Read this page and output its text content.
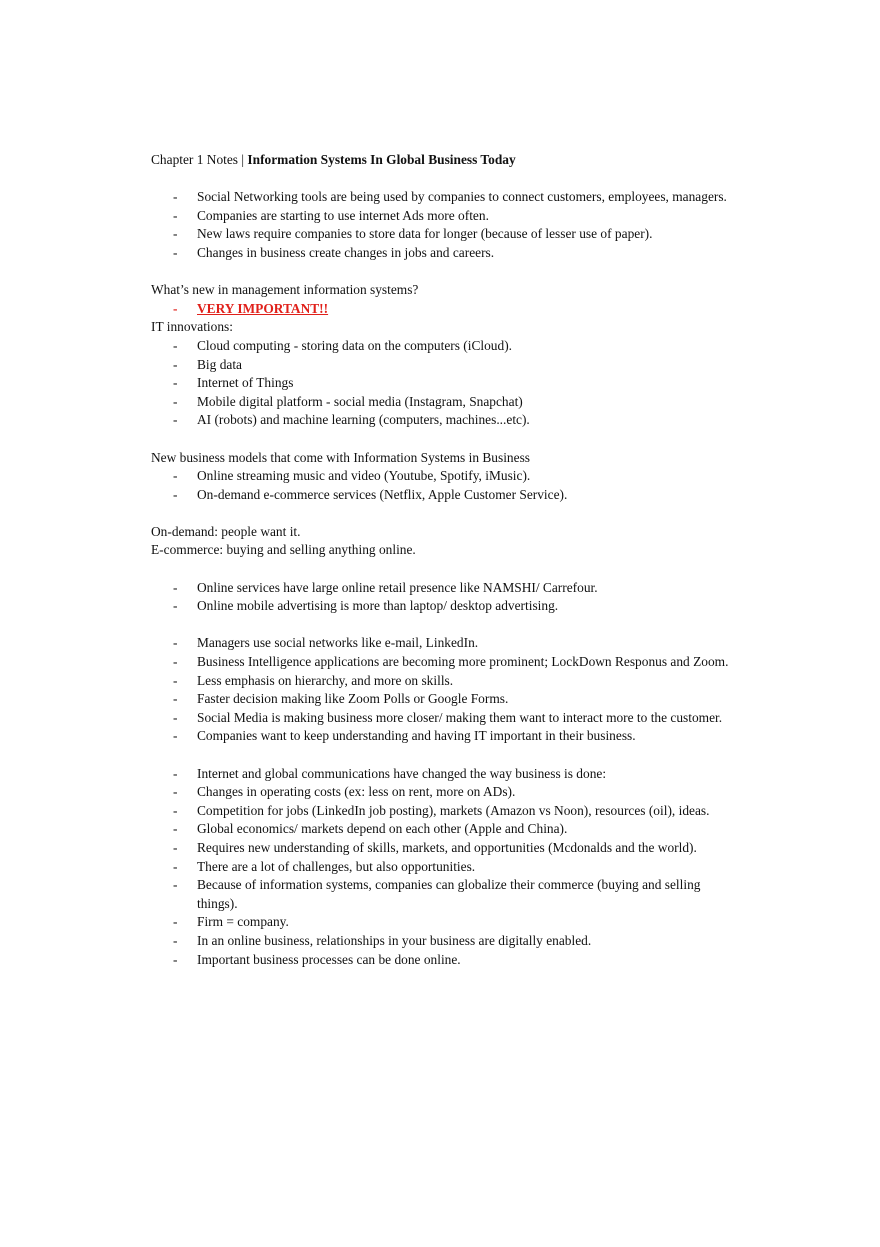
Chapter 1 Notes | Information Systems In Global Business Today

- Social Networking tools are being used by companies to connect customers, employees, managers.
- Companies are starting to use internet Ads more often.
- New laws require companies to store data for longer (because of lesser use of paper).
- Changes in business create changes in jobs and careers.

What’s new in management information systems?

- VERY IMPORTANT!!

IT innovations:

- Cloud computing - storing data on the computers (iCloud).
- Big data
- Internet of Things
- Mobile digital platform - social media (Instagram, Snapchat)
- AI (robots) and machine learning (computers, machines...etc).

New business models that come with Information Systems in Business

- Online streaming music and video (Youtube, Spotify, iMusic).
- On-demand e-commerce services (Netflix, Apple Customer Service).

On-demand: people want it.

E-commerce: buying and selling anything online.

- Online services have large online retail presence like NAMSHI/ Carrefour.
- Online mobile advertising is more than laptop/ desktop advertising.
- Managers use social networks like e-mail, LinkedIn.
- Business Intelligence applications are becoming more prominent; LockDown Responus and Zoom.
- Less emphasis on hierarchy, and more on skills.
- Faster decision making like Zoom Polls or Google Forms.
- Social Media is making business more closer/ making them want to interact more to the customer.
- Companies want to keep understanding and having IT important in their business.
- Internet and global communications have changed the way business is done:
- Changes in operating costs (ex: less on rent, more on ADs).
- Competition for jobs (LinkedIn job posting), markets (Amazon vs Noon), resources (oil), ideas.
- Global economics/ markets depend on each other (Apple and China).
- Requires new understanding of skills, markets, and opportunities (Mcdonalds and the world).
- There are a lot of challenges, but also opportunities.
- Because of information systems, companies can globalize their commerce (buying and selling things).
- Firm = company.
- In an online business, relationships in your business are digitally enabled.
- Important business processes can be done online.
